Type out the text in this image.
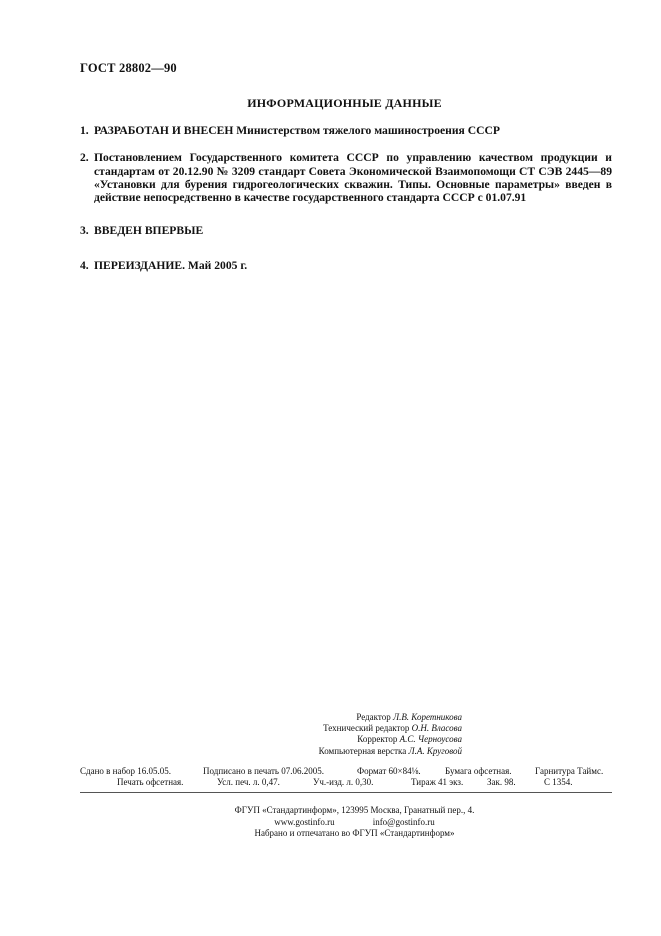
ГОСТ 28802—90
ИНФОРМАЦИОННЫЕ ДАННЫЕ
1. РАЗРАБОТАН И ВНЕСЕН Министерством тяжелого машиностроения СССР
2. Постановлением Государственного комитета СССР по управлению качеством продукции и стандартам от 20.12.90 № 3209 стандарт Совета Экономической Взаимопомощи СТ СЭВ 2445—89 «Установки для бурения гидрогеологических скважин. Типы. Основные параметры» введен в действие непосредственно в качестве государственного стандарта СССР с 01.07.91
3. ВВЕДЕН ВПЕРВЫЕ
4. ПЕРЕИЗДАНИЕ. Май 2005 г.
Редактор Л.В. Коретникова
Технический редактор О.Н. Власова
Корректор А.С. Черноусова
Компьютерная верстка Л.А. Круговой
Сдано в набор 16.05.05.	Подписано в печать 07.06.2005.	Формат 60×84⅛.	Бумага офсетная.	Гарнитура Таймс.
Печать офсетная.	Усл. печ. л. 0,47.	Уч.-изд. л. 0,30.	Тираж 41 экз.	Зак. 98.	С 1354.
ФГУП «Стандартинформ», 123995 Москва, Гранатный пер., 4.
www.gostinfo.ru	info@gostinfo.ru
Набрано и отпечатано во ФГУП «Стандартинформ»
